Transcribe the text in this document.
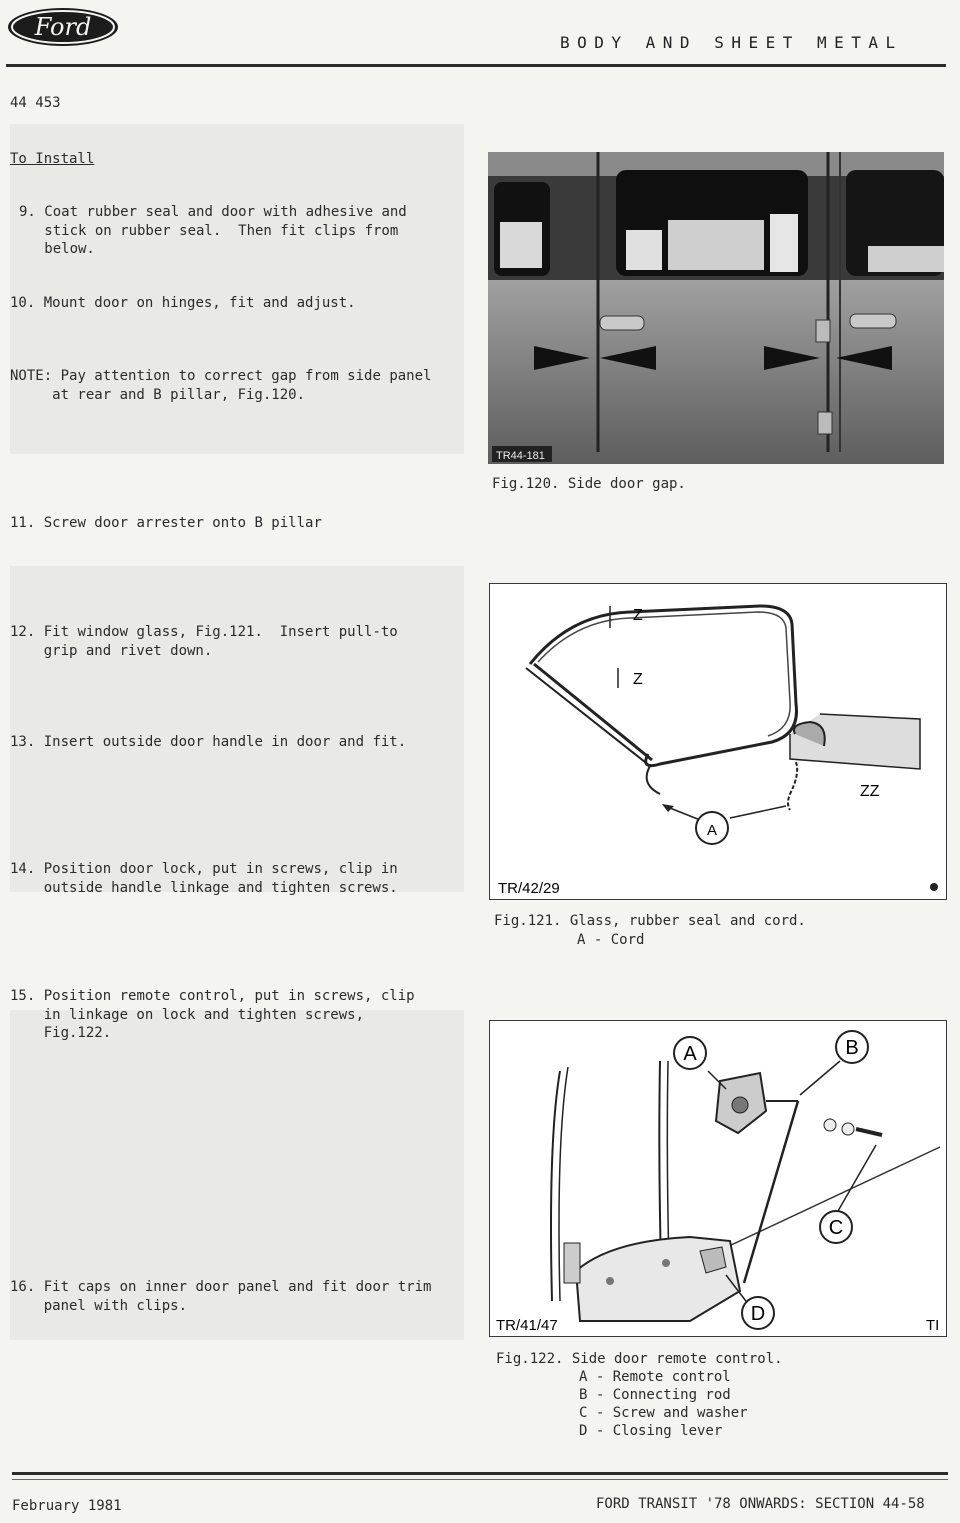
Ford
BODY AND SHEET METAL
44 453
To Install
9. Coat rubber seal and door with adhesive and
stick on rubber seal.  Then fit clips from
below.
10. Mount door on hinges, fit and adjust.
NOTE: Pay attention to correct gap from side panel
at rear and B pillar, Fig.120.
11. Screw door arrester onto B pillar
12. Fit window glass, Fig.121.  Insert pull-to
grip and rivet down.
13. Insert outside door handle in door and fit.
14. Position door lock, put in screws, clip in
outside handle linkage and tighten screws.
15. Position remote control, put in screws, clip
in linkage on lock and tighten screws,
Fig.122.
16. Fit caps on inner door panel and fit door trim
panel with clips.
TR44-181
Fig.120. Side door gap.
A
Z
Z
ZZ
TR/42/29
Fig.121. Glass, rubber seal and cord.
A - Cord
A	B
C
D
TR/41/47	TI
Fig.122. Side door remote control.
A - Remote control
B - Connecting rod
C - Screw and washer
D - Closing lever
February 1981	FORD TRANSIT '78 ONWARDS: SECTION 44-58
